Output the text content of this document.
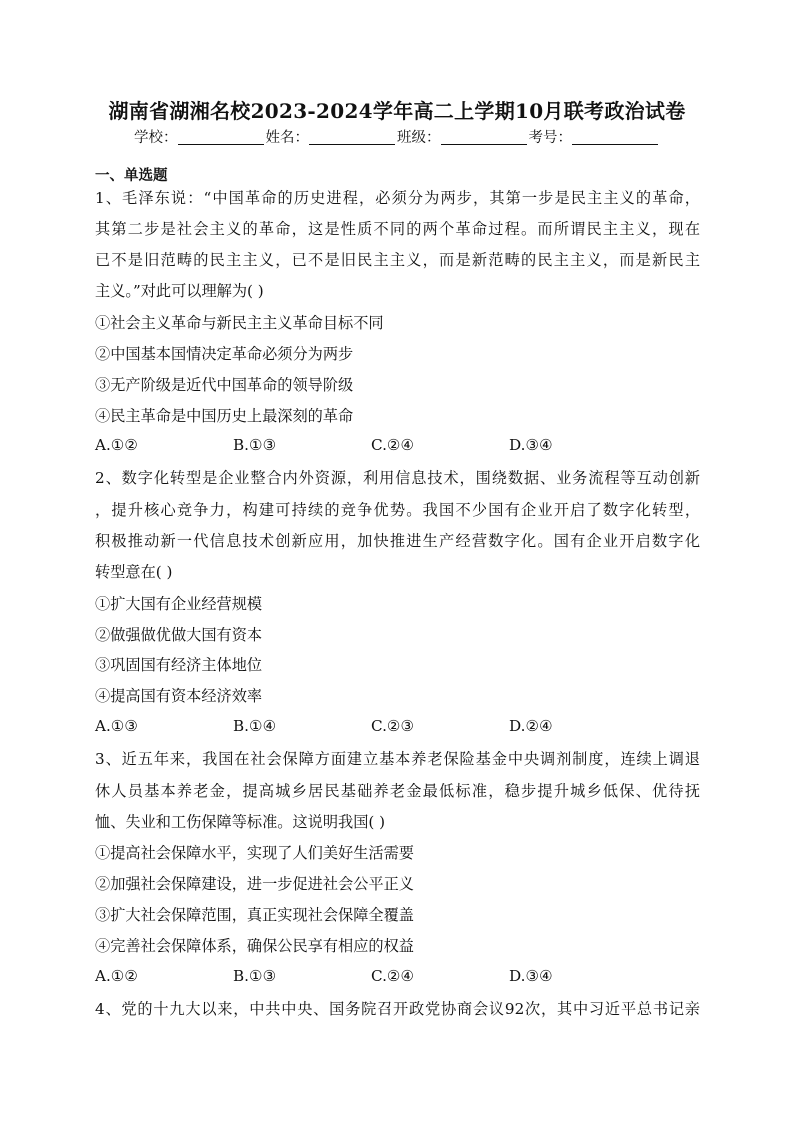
湖南省湖湘名校2023-2024学年高二上学期10月联考政治试卷
学校：	姓名：	班级：	考号：
一、单选题
1、毛泽东说：“中国革命的历史进程，必须分为两步，其第一步是民主主义的革命，
其第二步是社会主义的革命，这是性质不同的两个革命过程。而所谓民主主义，现在
已不是旧范畴的民主主义，已不是旧民主主义，而是新范畴的民主主义，而是新民主
主义。”对此可以理解为( )
①社会主义革命与新民主主义革命目标不同
②中国基本国情决定革命必须分为两步
③无产阶级是近代中国革命的领导阶级
④民主革命是中国历史上最深刻的革命
A.①②	B.①③	C.②④	D.③④
2、数字化转型是企业整合内外资源，利用信息技术，围绕数据、业务流程等互动创新
，提升核心竞争力，构建可持续的竞争优势。我国不少国有企业开启了数字化转型，
积极推动新一代信息技术创新应用，加快推进生产经营数字化。国有企业开启数字化
转型意在( )
①扩大国有企业经营规模
②做强做优做大国有资本
③巩固国有经济主体地位
④提高国有资本经济效率
A.①③	B.①④	C.②③	D.②④
3、近五年来，我国在社会保障方面建立基本养老保险基金中央调剂制度，连续上调退
休人员基本养老金，提高城乡居民基础养老金最低标准，稳步提升城乡低保、优待抚
恤、失业和工伤保障等标准。这说明我国( )
①提高社会保障水平，实现了人们美好生活需要
②加强社会保障建设，进一步促进社会公平正义
③扩大社会保障范围，真正实现社会保障全覆盖
④完善社会保障体系，确保公民享有相应的权益
A.①②	B.①③	C.②④	D.③④
4、党的十九大以来，中共中央、国务院召开政党协商会议92次，其中习近平总书记亲
